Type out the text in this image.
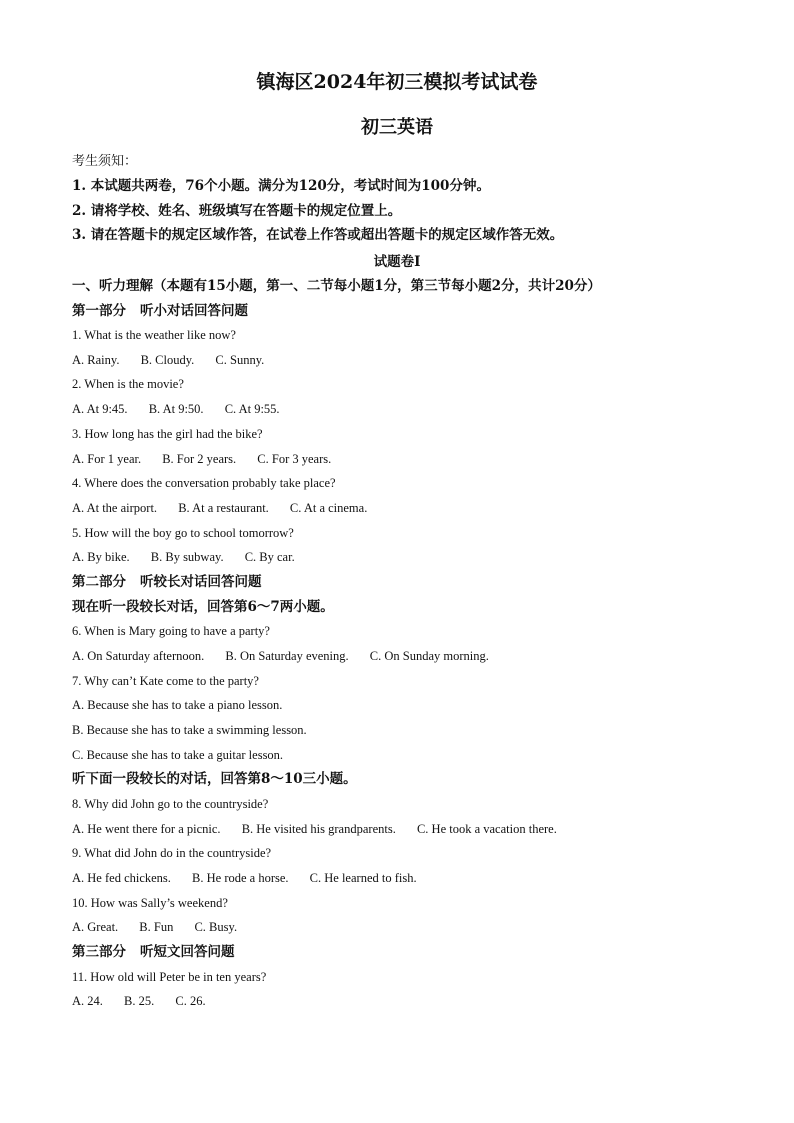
镇海区2024年初三模拟考试试卷
初三英语
考生须知：
1. 本试题共两卷，76个小题。满分为120分，考试时间为100分钟。
2. 请将学校、姓名、班级填写在答题卡的规定位置上。
3. 请在答题卡的规定区域作答，在试卷上作答或超出答题卡的规定区域作答无效。
试题卷Ⅰ
一、听力理解（本题有15小题，第一、二节每小题1分，第三节每小题2分，共计20分）
第一部分 听小对话回答问题
1. What is the weather like now?
A. Rainy. B. Cloudy. C. Sunny.
2. When is the movie?
A. At 9:45. B. At 9:50. C. At 9:55.
3. How long has the girl had the bike?
A. For 1 year. B. For 2 years. C. For 3 years.
4. Where does the conversation probably take place?
A. At the airport. B. At a restaurant. C. At a cinema.
5. How will the boy go to school tomorrow?
A. By bike. B. By subway. C. By car.
第二部分 听较长对话回答问题
现在听一段较长对话，回答第6～7两小题。
6. When is Mary going to have a party?
A. On Saturday afternoon. B. On Saturday evening. C. On Sunday morning.
7. Why can’t Kate come to the party?
A. Because she has to take a piano lesson.
B. Because she has to take a swimming lesson.
C. Because she has to take a guitar lesson.
听下面一段较长的对话，回答第8～10三小题。
8. Why did John go to the countryside?
A. He went there for a picnic. B. He visited his grandparents. C. He took a vacation there.
9. What did John do in the countryside?
A. He fed chickens. B. He rode a horse. C. He learned to fish.
10. How was Sally’s weekend?
A. Great. B. Fun C. Busy.
第三部分 听短文回答问题
11. How old will Peter be in ten years?
A. 24. B. 25. C. 26.
